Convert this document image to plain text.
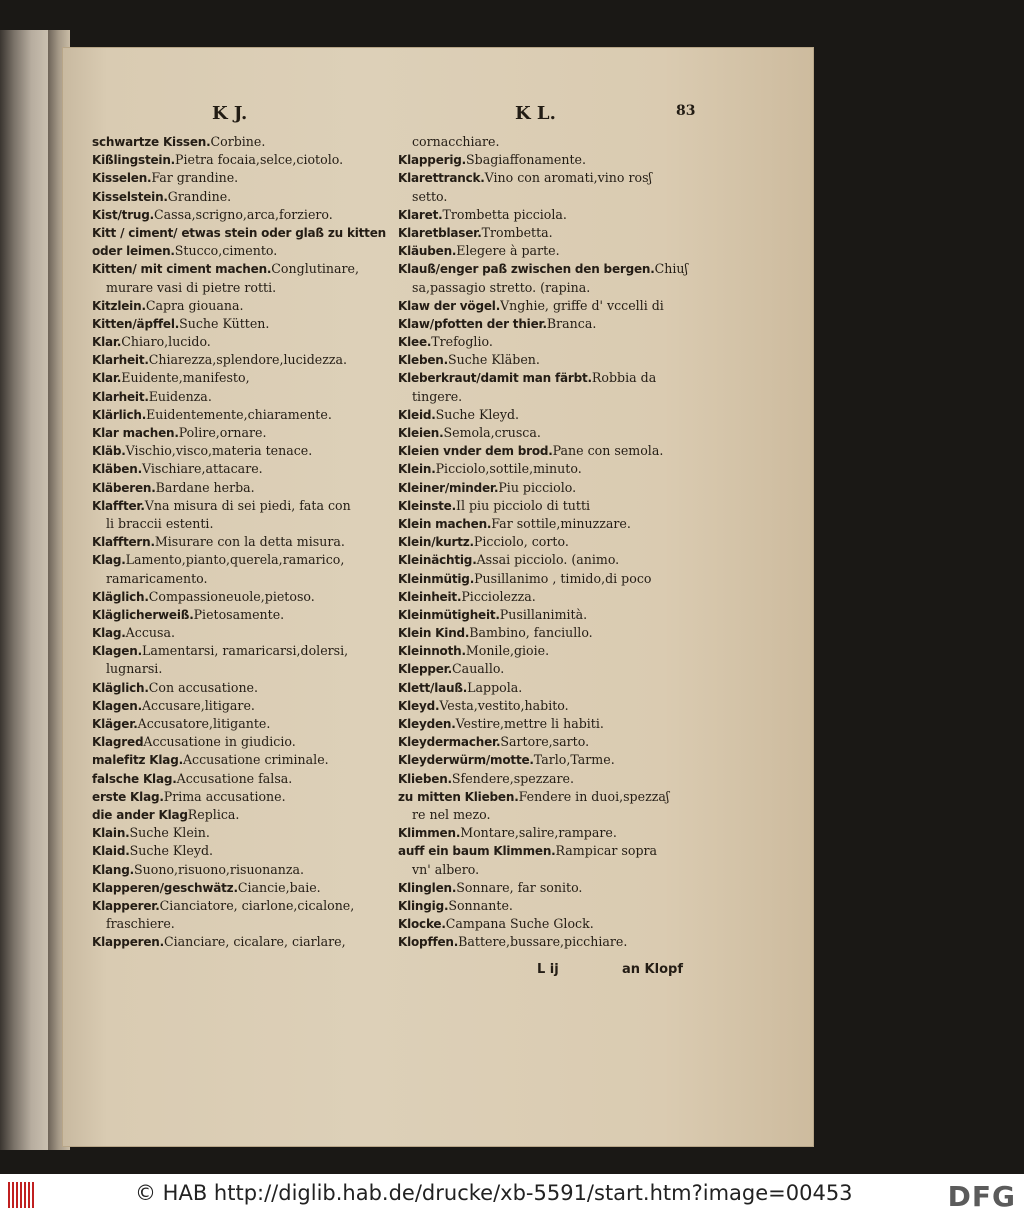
K J.	K L.	83
schwartze Kissen.Corbine.
Kißlingstein.Pietra focaia,selce,ciotolo.
Kisselen.Far grandine.
Kisselstein.Grandine.
Kist/trug.Cassa,scrigno,arca,forziero.
Kitt / ciment/ etwas stein oder glaß zu kitten
oder leimen.Stucco,cimento.
Kitten/ mit ciment machen.Conglutinare,
murare vasi di pietre rotti.
Kitzlein.Capra giouana.
Kitten/äpffel.Suche Kütten.
Klar.Chiaro,lucido.
Klarheit.Chiarezza,splendore,lucidezza.
Klar.Euidente,manifesto,
Klarheit.Euidenza.
Klärlich.Euidentemente,chiaramente.
Klar machen.Polire,ornare.
Kläb.Vischio,visco,materia tenace.
Kläben.Vischiare,attacare.
Kläberen.Bardane herba.
Klaffter.Vna misura di sei piedi, fata con
li braccii estenti.
Klafftern.Misurare con la detta misura.
Klag.Lamento,pianto,querela,ramarico,
ramaricamento.
Kläglich.Compassioneuole,pietoso.
Kläglicherweiß.Pietosamente.
Klag.Accusa.
Klagen.Lamentarsi, ramaricarsi,dolersi,
lugnarsi.
Kläglich.Con accusatione.
Klagen.Accusare,litigare.
Kläger.Accusatore,litigante.
KlagredAccusatione in giudicio.
malefitz Klag.Accusatione criminale.
falsche Klag.Accusatione falsa.
erste Klag.Prima accusatione.
die ander KlagReplica.
Klain.Suche Klein.
Klaid.Suche Kleyd.
Klang.Suono,risuono,risuonanza.
Klapperen/geschwätz.Ciancie,baie.
Klapperer.Cianciatore, ciarlone,cicalone,
fraschiere.
Klapperen.Cianciare, cicalare, ciarlare,
cornacchiare.
Klapperig.Sbagiaffonamente.
Klarettranck.Vino con aromati,vino rosʃ
setto.
Klaret.Trombetta picciola.
Klaretblaser.Trombetta.
Kläuben.Elegere à parte.
Klauß/enger paß zwischen den bergen.Chiuʃ
sa,passagio stretto. (rapina.
Klaw der vögel.Vnghie, griffe d' vccelli di
Klaw/pfotten der thier.Branca.
Klee.Trefoglio.
Kleben.Suche Kläben.
Kleberkraut/damit man färbt.Robbia da
tingere.
Kleid.Suche Kleyd.
Kleien.Semola,crusca.
Kleien vnder dem brod.Pane con semola.
Klein.Picciolo,sottile,minuto.
Kleiner/minder.Piu picciolo.
Kleinste.Il piu picciolo di tutti
Klein machen.Far sottile,minuzzare.
Klein/kurtz.Picciolo, corto.
Kleinächtig.Assai picciolo. (animo.
Kleinmütig.Pusillanimo , timido,di poco
Kleinheit.Picciolezza.
Kleinmütigheit.Pusillanimità.
Klein Kind.Bambino, fanciullo.
Kleinnoth.Monile,gioie.
Klepper.Cauallo.
Klett/lauß.Lappola.
Kleyd.Vesta,vestito,habito.
Kleyden.Vestire,mettre li habiti.
Kleydermacher.Sartore,sarto.
Kleyderwürm/motte.Tarlo,Tarme.
Klieben.Sfendere,spezzare.
zu mitten Klieben.Fendere in duoi,spezzaʃ
re nel mezo.
Klimmen.Montare,salire,rampare.
auff ein baum Klimmen.Rampicar sopra
vn' albero.
Klinglen.Sonnare, far sonito.
Klingig.Sonnante.
Klocke.Campana Suche Glock.
Klopffen.Battere,bussare,picchiare.
L ij	an Klopf
© HAB http://diglib.hab.de/drucke/xb-5591/start.htm?image=00453	DFG
